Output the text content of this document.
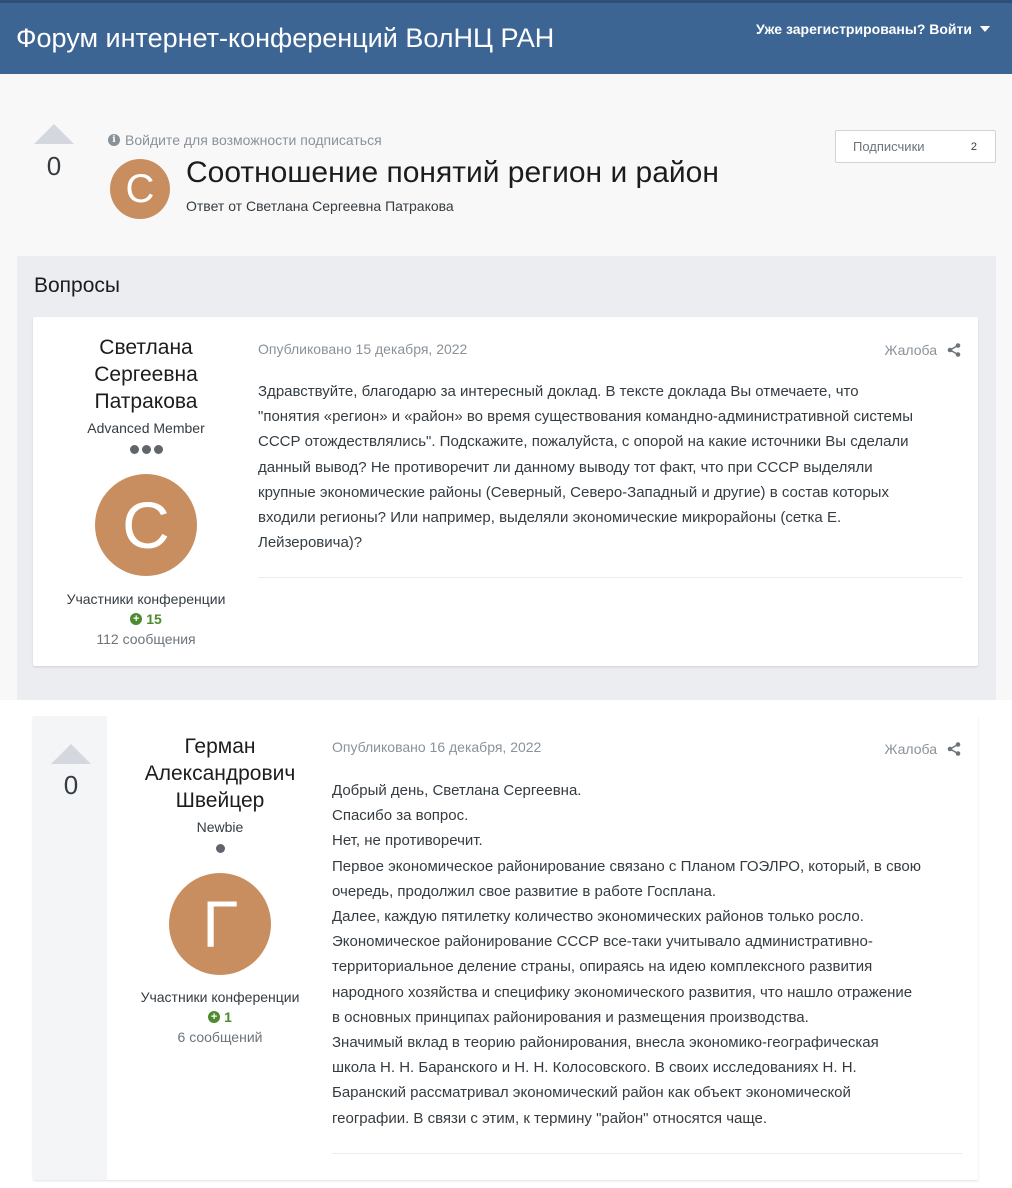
Форум интернет-конференций ВолНЦ РАН	Уже зарегистрированы? Войти
0
i Войдите для возможности подписаться
С	Соотношение понятий регион и район
Ответ от Светлана Сергеевна Патракова
Подписчики	2
Вопросы
Светлана
Сергеевна
Патракова
Advanced Member
С
Участники конференции
+ 15
112 сообщения
Опубликовано 15 декабря, 2022	Жалоба
Здравствуйте, благодарю за интересный доклад. В тексте доклада Вы отмечаете, что
"понятия «регион» и «район» во время существования командно-административной системы
СССР отождествлялись". Подскажите, пожалуйста, с опорой на какие источники Вы сделали
данный вывод? Не противоречит ли данному выводу тот факт, что при СССР выделяли
крупные экономические районы (Северный, Северо-Западный и другие) в состав которых
входили регионы? Или например, выделяли экономические микрорайоны (сетка Е.
Лейзеровича)?
0
Герман
Александрович
Швейцер
Newbie
Г
Участники конференции
+ 1
6 сообщений
Опубликовано 16 декабря, 2022	Жалоба
Добрый день, Светлана Сергеевна.
Спасибо за вопрос.
Нет, не противоречит.
Первое экономическое районирование связано с Планом ГОЭЛРО, который, в свою
очередь, продолжил свое развитие в работе Госплана.
Далее, каждую пятилетку количество экономических районов только росло.
Экономическое районирование СССР все-таки учитывало административно-
территориальное деление страны, опираясь на идею комплексного развития
народного хозяйства и специфику экономического развития, что нашло отражение
в основных принципах районирования и размещения производства.
Значимый вклад в теорию районирования, внесла экономико-географическая
школа Н. Н. Баранского и Н. Н. Колосовского. В своих исследованиях Н. Н.
Баранский рассматривал экономический район как объект экономической
географии. В связи с этим, к термину "район" относятся чаще.
